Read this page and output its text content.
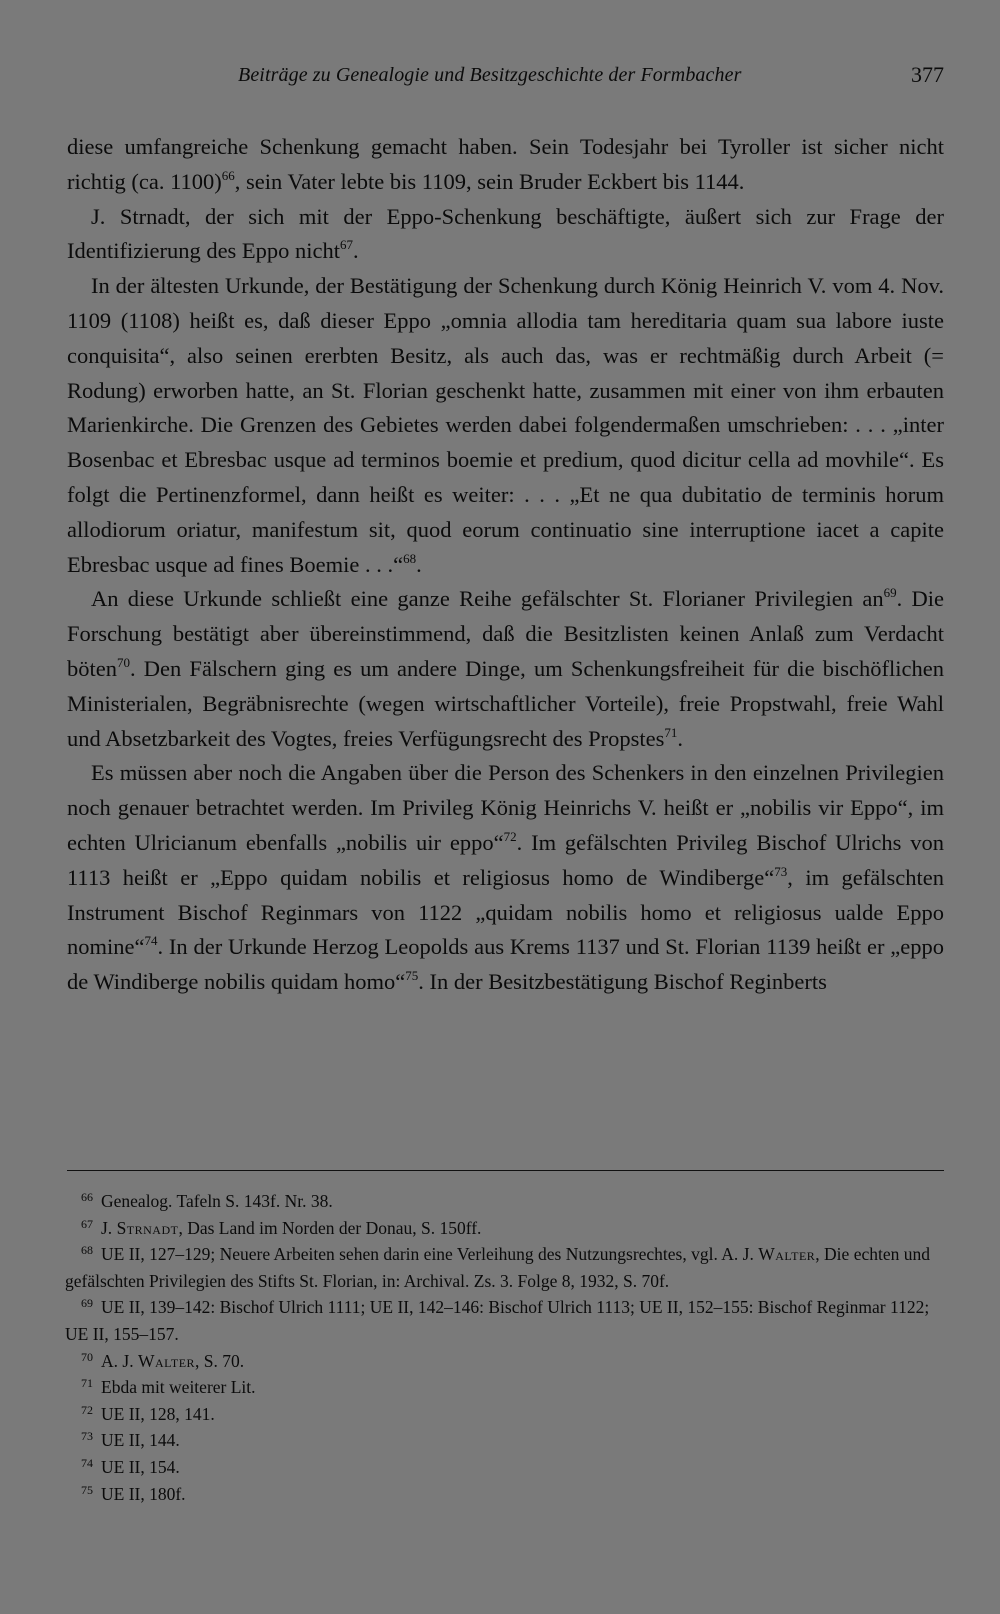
Beiträge zu Genealogie und Besitzgeschichte der Formbacher	377

diese umfangreiche Schenkung gemacht haben. Sein Todesjahr bei Tyroller ist sicher nicht richtig (ca. 1100)$^{66}$, sein Vater lebte bis 1109, sein Bruder Eckbert bis 1144.

J. Strnadt, der sich mit der Eppo-Schenkung beschäftigte, äußert sich zur Frage der Identifizierung des Eppo nicht$^{67}$.

In der ältesten Urkunde, der Bestätigung der Schenkung durch König Heinrich V. vom 4. Nov. 1109 (1108) heißt es, daß dieser Eppo „omnia allodia tam hereditaria quam sua labore iuste conquisita“, also seinen ererbten Besitz, als auch das, was er rechtmäßig durch Arbeit (= Rodung) erworben hatte, an St. Florian geschenkt hatte, zusammen mit einer von ihm erbauten Marienkirche. Die Grenzen des Gebietes werden dabei folgendermaßen umschrieben: . . . „inter Bosenbac et Ebresbac usque ad terminos boemie et predium, quod dicitur cella ad movhile“. Es folgt die Pertinenzformel, dann heißt es weiter: . . . „Et ne qua dubitatio de terminis horum allodiorum oriatur, manifestum sit, quod eorum continuatio sine interruptione iacet a capite Ebresbac usque ad fines Boemie . . .“$^{68}$.

An diese Urkunde schließt eine ganze Reihe gefälschter St. Florianer Privilegien $an^{69}$. Die Forschung bestätigt aber übereinstimmend, daß die Besitzlisten keinen Anlaß zum Verdacht böten$^{70}$. Den Fälschern ging es um andere Dinge, um Schenkungsfreiheit für die bischöflichen Ministerialen, Begräbnisrechte (wegen wirtschaftlicher Vorteile), freie Propstwahl, freie Wahl und Absetzbarkeit des Vogtes, freies Verfügungsrecht des Propstes$^{71}$.

Es müssen aber noch die Angaben über die Person des Schenkers in den einzelnen Privilegien noch genauer betrachtet werden. Im Privileg König Heinrichs V. heißt er „nobilis vir Eppo“, im echten Ulricianum ebenfalls „nobilis uir eppo“$^{72}$. Im gefälschten Privileg Bischof Ulrichs von 1113 heißt er „Eppo quidam nobilis et religiosus homo de Windiberge“$^{73}$, im gefälschten Instrument Bischof Reginmars von 1122 „quidam nobilis homo et religiosus ualde Eppo nomine“$^{74}$. In der Urkunde Herzog Leopolds aus Krems 1137 und St. Florian 1139 heißt er „eppo de Windiberge nobilis quidam homo“$^{75}$. In der Besitzbestätigung Bischof Reginberts

66 Genealog. Tafeln S. 143f. Nr. 38.

67 J. Strnadt, Das Land im Norden der Donau, S. 150ff.

68 UE II, 127–129; Neuere Arbeiten sehen darin eine Verleihung des Nutzungsrechtes, vgl. A. J. Walter, Die echten und gefälschten Privilegien des Stifts St. Florian, in: Archival. Zs. 3. Folge 8, 1932, S. 70f.

69 UE II, 139–142: Bischof Ulrich 1111; UE II, 142–146: Bischof Ulrich 1113; UE II, 152–155: Bischof Reginmar 1122; UE II, 155–157.

70 A. J. Walter, S. 70.

71 Ebda mit weiterer Lit.

72 UE II, 128, 141.

73 UE II, 144.

74 UE II, 154.

75 UE II, 180f.
